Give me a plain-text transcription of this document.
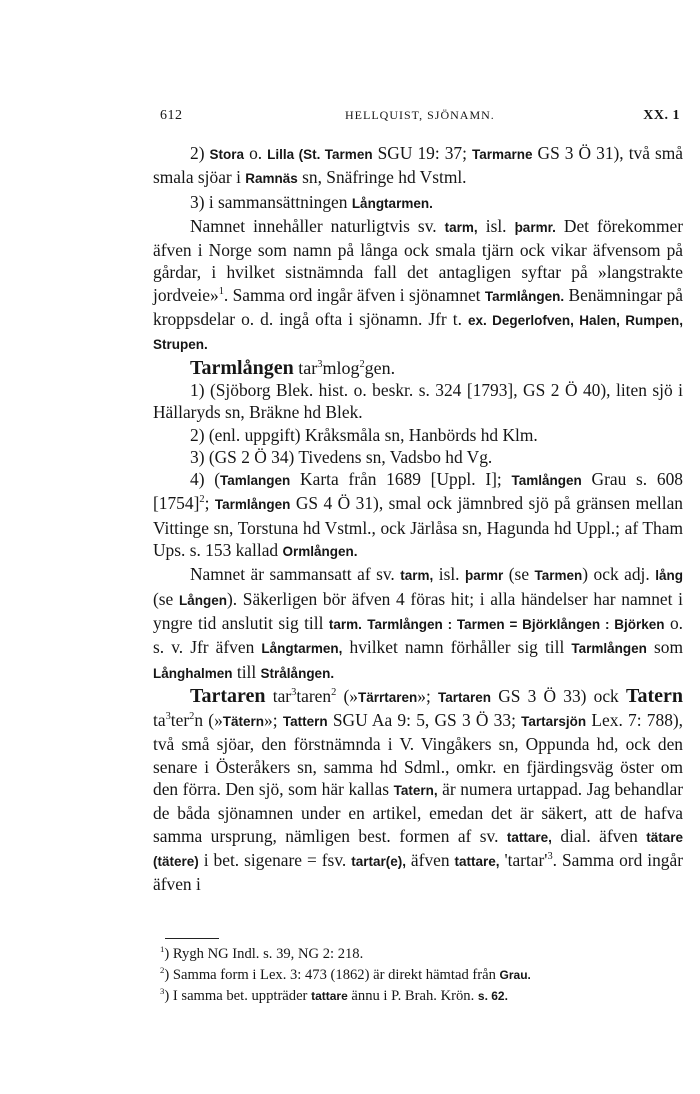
612	HELLQUIST, SJÖNAMN.	XX. 1

2) Stora o. Lilla (St. Tarmen SGU 19: 37; Tarmarne GS 3 Ö 31), två små smala sjöar i Ramnäs sn, Snäfringe hd Vstml.

3) i sammansättningen Långtarmen.

Namnet innehåller naturligtvis sv. tarm, isl. þarmr. Det förekommer äfven i Norge som namn på långa ock smala tjärn ock vikar äfvensom på gårdar, i hvilket sistnämnda fall det antagligen syftar på »langstrakte jordveie»$^1$. Samma ord ingår äfven i sjönamnet Tarmlången. Benämningar på kroppsdelar o. d. ingå ofta i sjönamn. Jfr t. ex. Degerlofven, Halen, Rumpen, Strupen.

Tarmlången tar$^3$mlog$^2$gen.

1) (Sjöborg Blek. hist. o. beskr. s. 324 [1793], GS 2 Ö 40), liten sjö i Hällaryds sn, Bräkne hd Blek.

2) (enl. uppgift) Kråksmåla sn, Hanbörds hd Klm.

3) (GS 2 Ö 34) Tivedens sn, Vadsbo hd Vg.

4) (Tamlangen Karta från 1689 [Uppl. I]; Tamlången Grau s. 608 $[1754]^2$; Tarmlången GS 4 Ö 31), smal ock jämnbred sjö på gränsen mellan Vittinge sn, Torstuna hd Vstml., ock Järlåsa sn, Hagunda hd Uppl.; af Tham Ups. s. 153 kallad Ormlången.

Namnet är sammansatt af sv. tarm, isl. þarmr (se Tarmen) ock adj. lång (se Lången). Säkerligen bör äfven 4 föras hit; i alla händelser har namnet i yngre tid anslutit sig till tarm. Tarmlången : Tarmen = Björklången : Björken o. s. v. Jfr äfven Långtarmen, hvilket namn förhåller sig till Tarmlången som Långhalmen till Strålången.

Tartaren tar$^3$taren$^2$ (»Tärrtaren»; Tartaren GS 3 Ö 33) ock Tatern $ta^3ter^2n$ (»Tätern»; Tattern SGU Aa 9: 5, GS 3 Ö 33; Tartarsjön Lex. 7: 788), två små sjöar, den förstnämnda i V. Vingåkers sn, Oppunda hd, ock den senare i Österåkers sn, samma hd Sdml., omkr. en fjärdingsväg öster om den förra. Den sjö, som här kallas Tatern, är numera urtappad. Jag behandlar de båda sjönamnen under en artikel, emedan det är säkert, att de hafva samma ursprung, nämligen best. formen af sv. tattare, dial. äfven tätare (tätere) i bet. sigenare = fsv. tartar(e), äfven tattare, '$tartar'^3$. Samma ord ingår äfven i

$^1$) Rygh NG Indl. s. 39, NG 2: 218.

$^2$) Samma form i Lex. 3: 473 (1862) är direkt hämtad från Grau.

$^3$) I samma bet. uppträder tattare ännu i P. Brah. Krön. s. 62.
